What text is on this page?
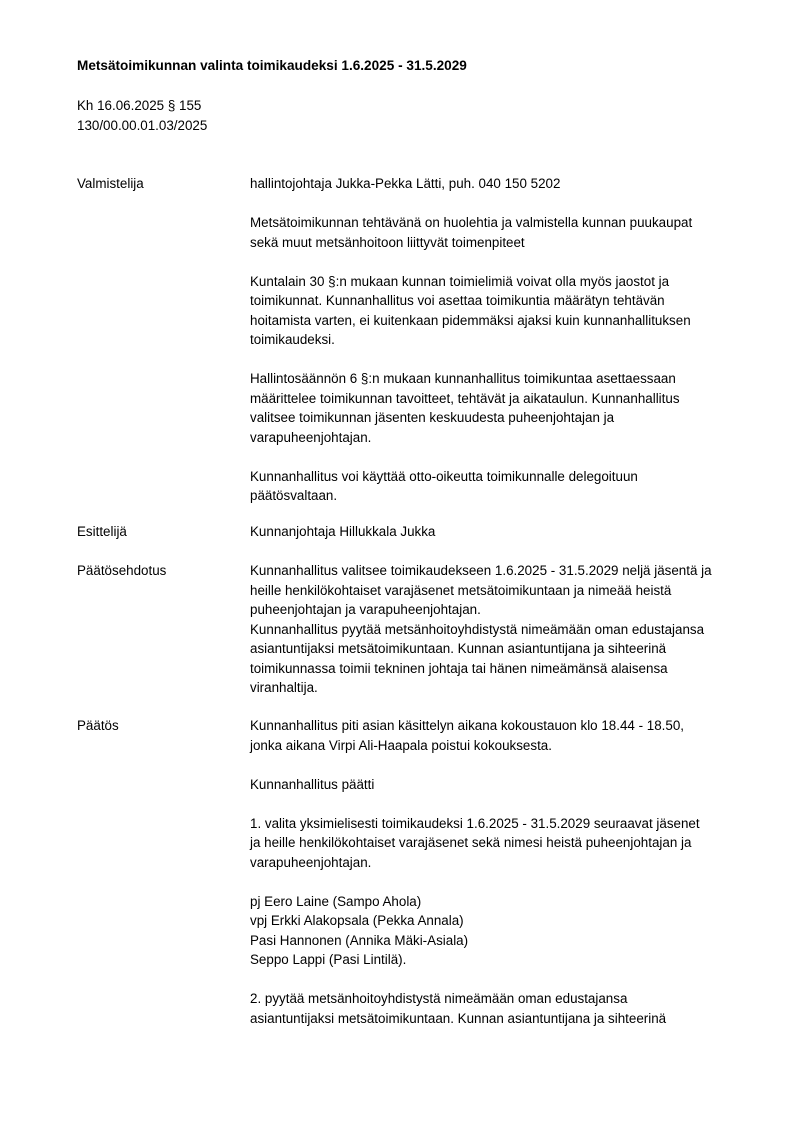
Metsätoimikunnan valinta toimikaudeksi 1.6.2025 - 31.5.2029
Kh 16.06.2025 § 155
130/00.00.01.03/2025
Valmistelija	hallintojohtaja Jukka-Pekka Lätti, puh. 040 150 5202
Metsätoimikunnan tehtävänä on huolehtia ja valmistella kunnan puukaupat
sekä muut metsänhoitoon liittyvät toimenpiteet
Kuntalain 30 §:n mukaan kunnan toimielimiä voivat olla myös jaostot ja
toimikunnat. Kunnanhallitus voi asettaa toimikuntia määrätyn tehtävän
hoitamista varten, ei kuitenkaan pidemmäksi ajaksi kuin kunnanhallituksen
toimikaudeksi.
Hallintosäännön 6 §:n mukaan kunnanhallitus toimikuntaa asettaessaan
määrittelee toimikunnan tavoitteet, tehtävät ja aikataulun. Kunnanhallitus
valitsee toimikunnan jäsenten keskuudesta puheenjohtajan ja
varapuheenjohtajan.
Kunnanhallitus voi käyttää otto-oikeutta toimikunnalle delegoituun
päätösvaltaan.
Esittelijä	Kunnanjohtaja Hillukkala Jukka
Päätösehdotus	Kunnanhallitus valitsee toimikaudekseen 1.6.2025 - 31.5.2029 neljä jäsentä ja
heille henkilökohtaiset varajäsenet metsätoimikuntaan ja nimeää heistä
puheenjohtajan ja varapuheenjohtajan.
Kunnanhallitus pyytää metsänhoitoyhdistystä nimeämään oman edustajansa
asiantuntijaksi metsätoimikuntaan. Kunnan asiantuntijana ja sihteerinä
toimikunnassa toimii tekninen johtaja tai hänen nimeämänsä alaisensa
viranhaltija.
Päätös	Kunnanhallitus piti asian käsittelyn aikana kokoustauon klo 18.44 - 18.50,
jonka aikana Virpi Ali-Haapala poistui kokouksesta.
Kunnanhallitus päätti
1. valita yksimielisesti toimikaudeksi 1.6.2025 - 31.5.2029 seuraavat jäsenet
ja heille henkilökohtaiset varajäsenet sekä nimesi heistä puheenjohtajan ja
varapuheenjohtajan.
pj Eero Laine (Sampo Ahola)
vpj Erkki Alakopsala (Pekka Annala)
Pasi Hannonen (Annika Mäki-Asiala)
Seppo Lappi (Pasi Lintilä).
2. pyytää metsänhoitoyhdistystä nimeämään oman edustajansa
asiantuntijaksi metsätoimikuntaan. Kunnan asiantuntijana ja sihteerinä
